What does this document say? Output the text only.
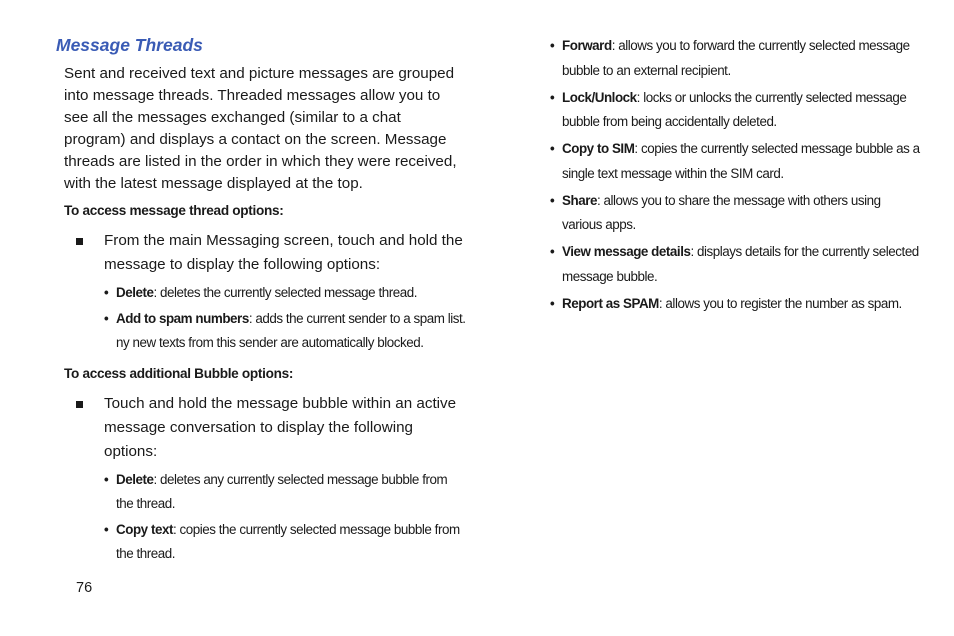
Message Threads

Sent and received text and picture messages are grouped into message threads. Threaded messages allow you to see all the messages exchanged (similar to a chat program) and displays a contact on the screen. Message threads are listed in the order in which they were received, with the latest message displayed at the top.

To access message thread options:

From the main Messaging screen, touch and hold the message to display the following options:
• Delete: deletes the currently selected message thread.
• Add to spam numbers: adds the current sender to a spam list. ny new texts from this sender are automatically blocked.

To access additional Bubble options:

Touch and hold the message bubble within an active message conversation to display the following options:
• Delete: deletes any currently selected message bubble from the thread.
• Copy text: copies the currently selected message bubble from the thread.
• Forward: allows you to forward the currently selected message bubble to an external recipient.
• Lock/Unlock: locks or unlocks the currently selected message bubble from being accidentally deleted.
• Copy to SIM: copies the currently selected message bubble as a single text message within the SIM card.
• Share: allows you to share the message with others using various apps.
• View message details: displays details for the currently selected message bubble.
• Report as SPAM: allows you to register the number as spam.
76
